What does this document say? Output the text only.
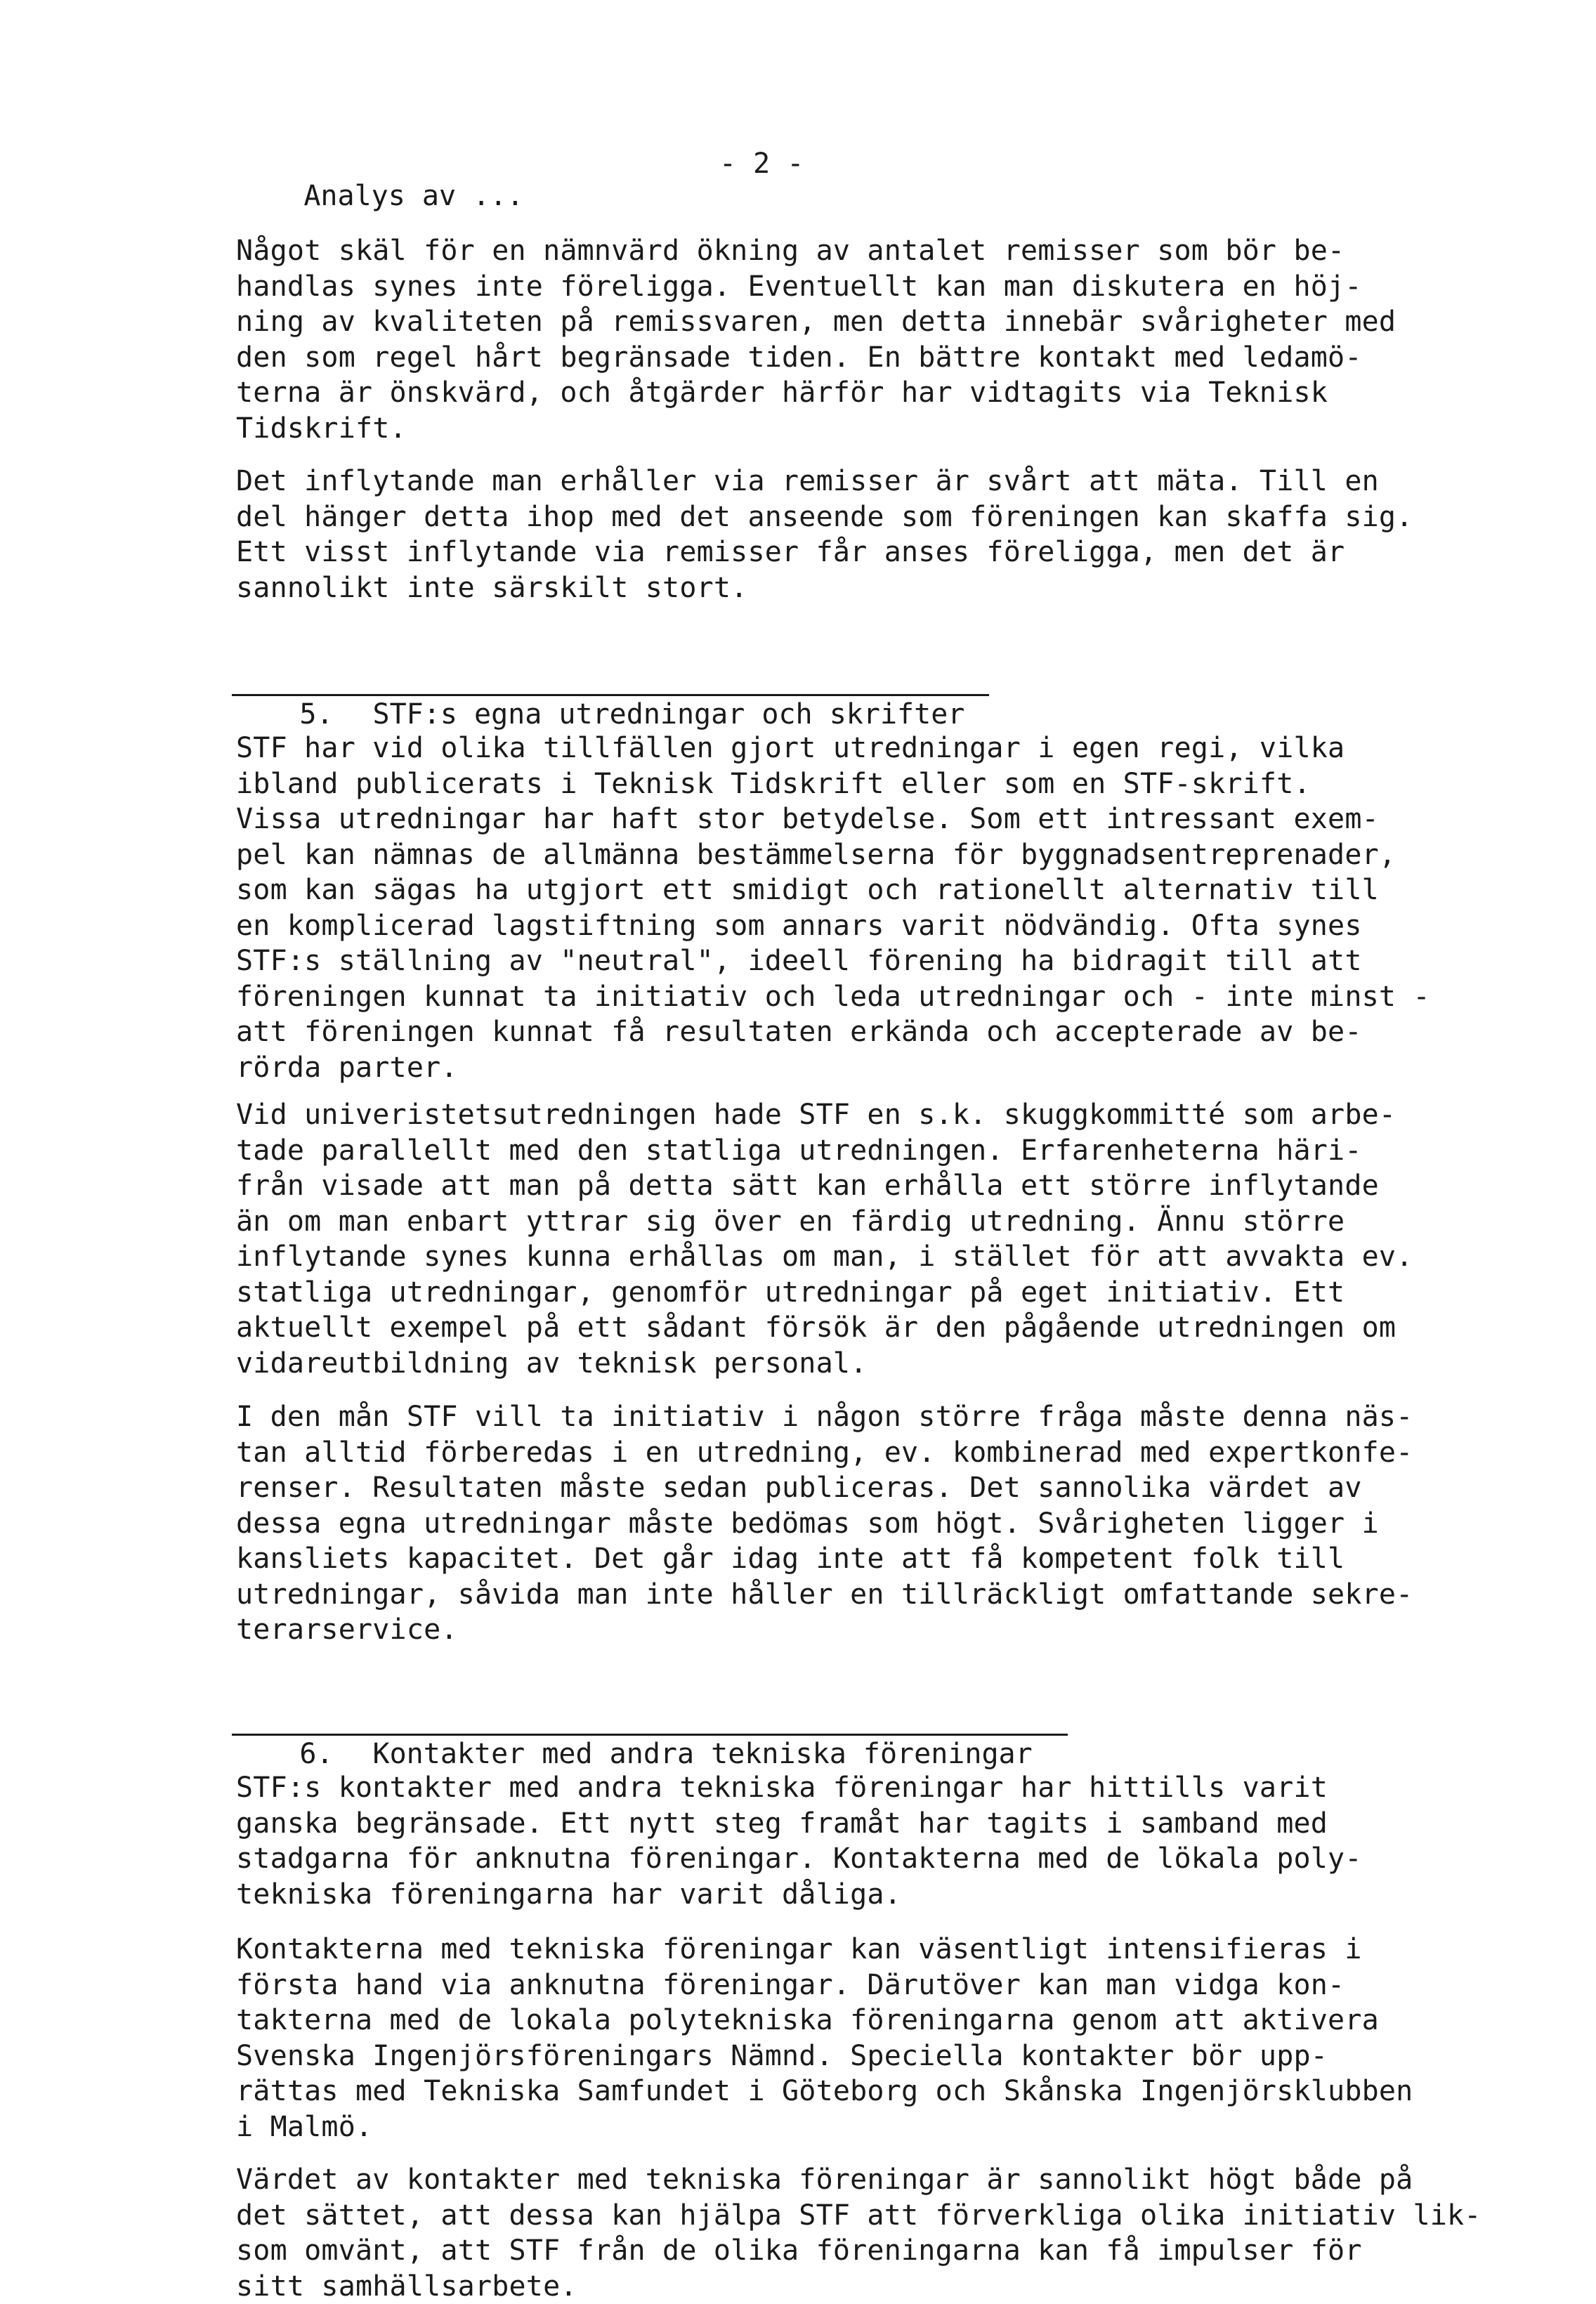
Analys av ...

- 2 -

Något skäl för en nämnvärd ökning av antalet remisser som bör be-
handlas synes inte föreligga. Eventuellt kan man diskutera en höj-
ning av kvaliteten på remissvaren, men detta innebär svårigheter med
den som regel hårt begränsade tiden. En bättre kontakt med ledamö-
terna är önskvärd, och åtgärder härför har vidtagits via Teknisk
Tidskrift.
Det inflytande man erhåller via remisser är svårt att mäta. Till en
del hänger detta ihop med det anseende som föreningen kan skaffa sig.
Ett visst inflytande via remisser får anses föreligga, men det är
sannolikt inte särskilt stort.

5. STF:s egna utredningar och skrifter

STF har vid olika tillfällen gjort utredningar i egen regi, vilka
ibland publicerats i Teknisk Tidskrift eller som en STF-skrift.
Vissa utredningar har haft stor betydelse. Som ett intressant exem-
pel kan nämnas de allmänna bestämmelserna för byggnadsentreprenader,
som kan sägas ha utgjort ett smidigt och rationellt alternativ till
en komplicerad lagstiftning som annars varit nödvändig. Ofta synes
STF:s ställning av "neutral", ideell förening ha bidragit till att
föreningen kunnat ta initiativ och leda utredningar och - inte minst -
att föreningen kunnat få resultaten erkända och accepterade av be-
rörda parter.
Vid univeristetsutredningen hade STF en s.k. skuggkommitté som arbe-
tade parallellt med den statliga utredningen. Erfarenheterna häri-
från visade att man på detta sätt kan erhålla ett större inflytande
än om man enbart yttrar sig över en färdig utredning. Ännu större
inflytande synes kunna erhållas om man, i stället för att avvakta ev.
statliga utredningar, genomför utredningar på eget initiativ. Ett
aktuellt exempel på ett sådant försök är den pågående utredningen om
vidareutbildning av teknisk personal.
I den mån STF vill ta initiativ i någon större fråga måste denna näs-
tan alltid förberedas i en utredning, ev. kombinerad med expertkonfe-
renser. Resultaten måste sedan publiceras. Det sannolika värdet av
dessa egna utredningar måste bedömas som högt. Svårigheten ligger i
kansliets kapacitet. Det går idag inte att få kompetent folk till
utredningar, såvida man inte håller en tillräckligt omfattande sekre-
terarservice.

6. Kontakter med andra tekniska föreningar

STF:s kontakter med andra tekniska föreningar har hittills varit
ganska begränsade. Ett nytt steg framåt har tagits i samband med
stadgarna för anknutna föreningar. Kontakterna med de lökala poly-
tekniska föreningarna har varit dåliga.
Kontakterna med tekniska föreningar kan väsentligt intensifieras i
första hand via anknutna föreningar. Därutöver kan man vidga kon-
takterna med de lokala polytekniska föreningarna genom att aktivera
Svenska Ingenjörsföreningars Nämnd. Speciella kontakter bör upp-
rättas med Tekniska Samfundet i Göteborg och Skånska Ingenjörsklubben
i Malmö.
Värdet av kontakter med tekniska föreningar är sannolikt högt både på
det sättet, att dessa kan hjälpa STF att förverkliga olika initiativ lik-
som omvänt, att STF från de olika föreningarna kan få impulser för
sitt samhällsarbete.
